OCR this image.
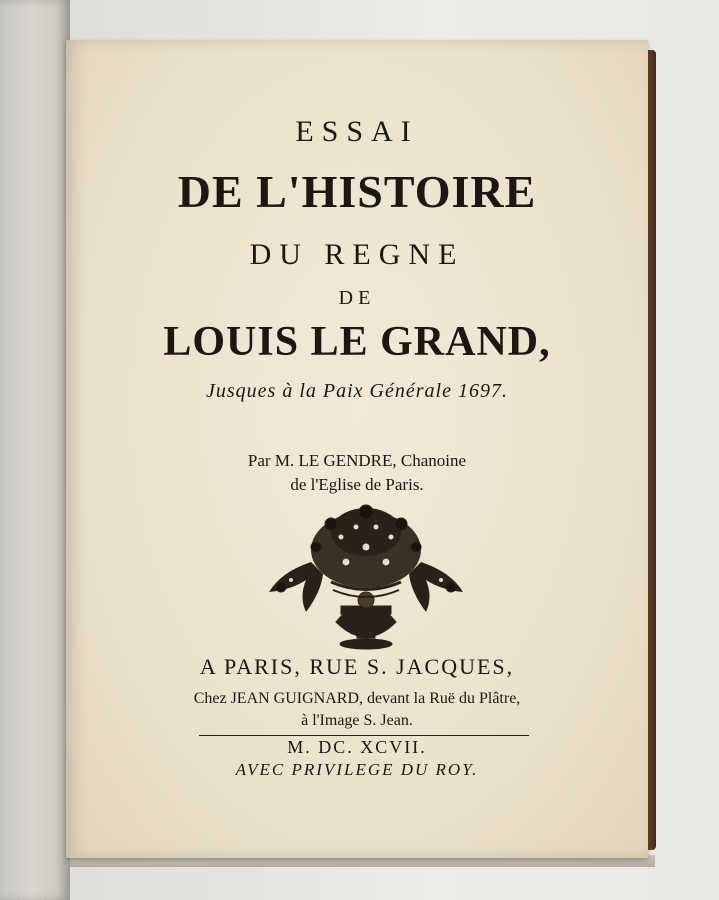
ESSAI

DE L'HISTOIRE

DU REGNE

DE

LOUIS LE GRAND,

Jusques à la Paix Générale 1697.

Par M. LE GENDRE, Chanoine

de l'Eglise de Paris.

A PARIS, RUE S. JACQUES,

Chez JEAN GUIGNARD, devant la Ruë du Plâtre,

à l'Image S. Jean.

M. DC. XCVII.

AVEC PRIVILEGE DU ROY.
